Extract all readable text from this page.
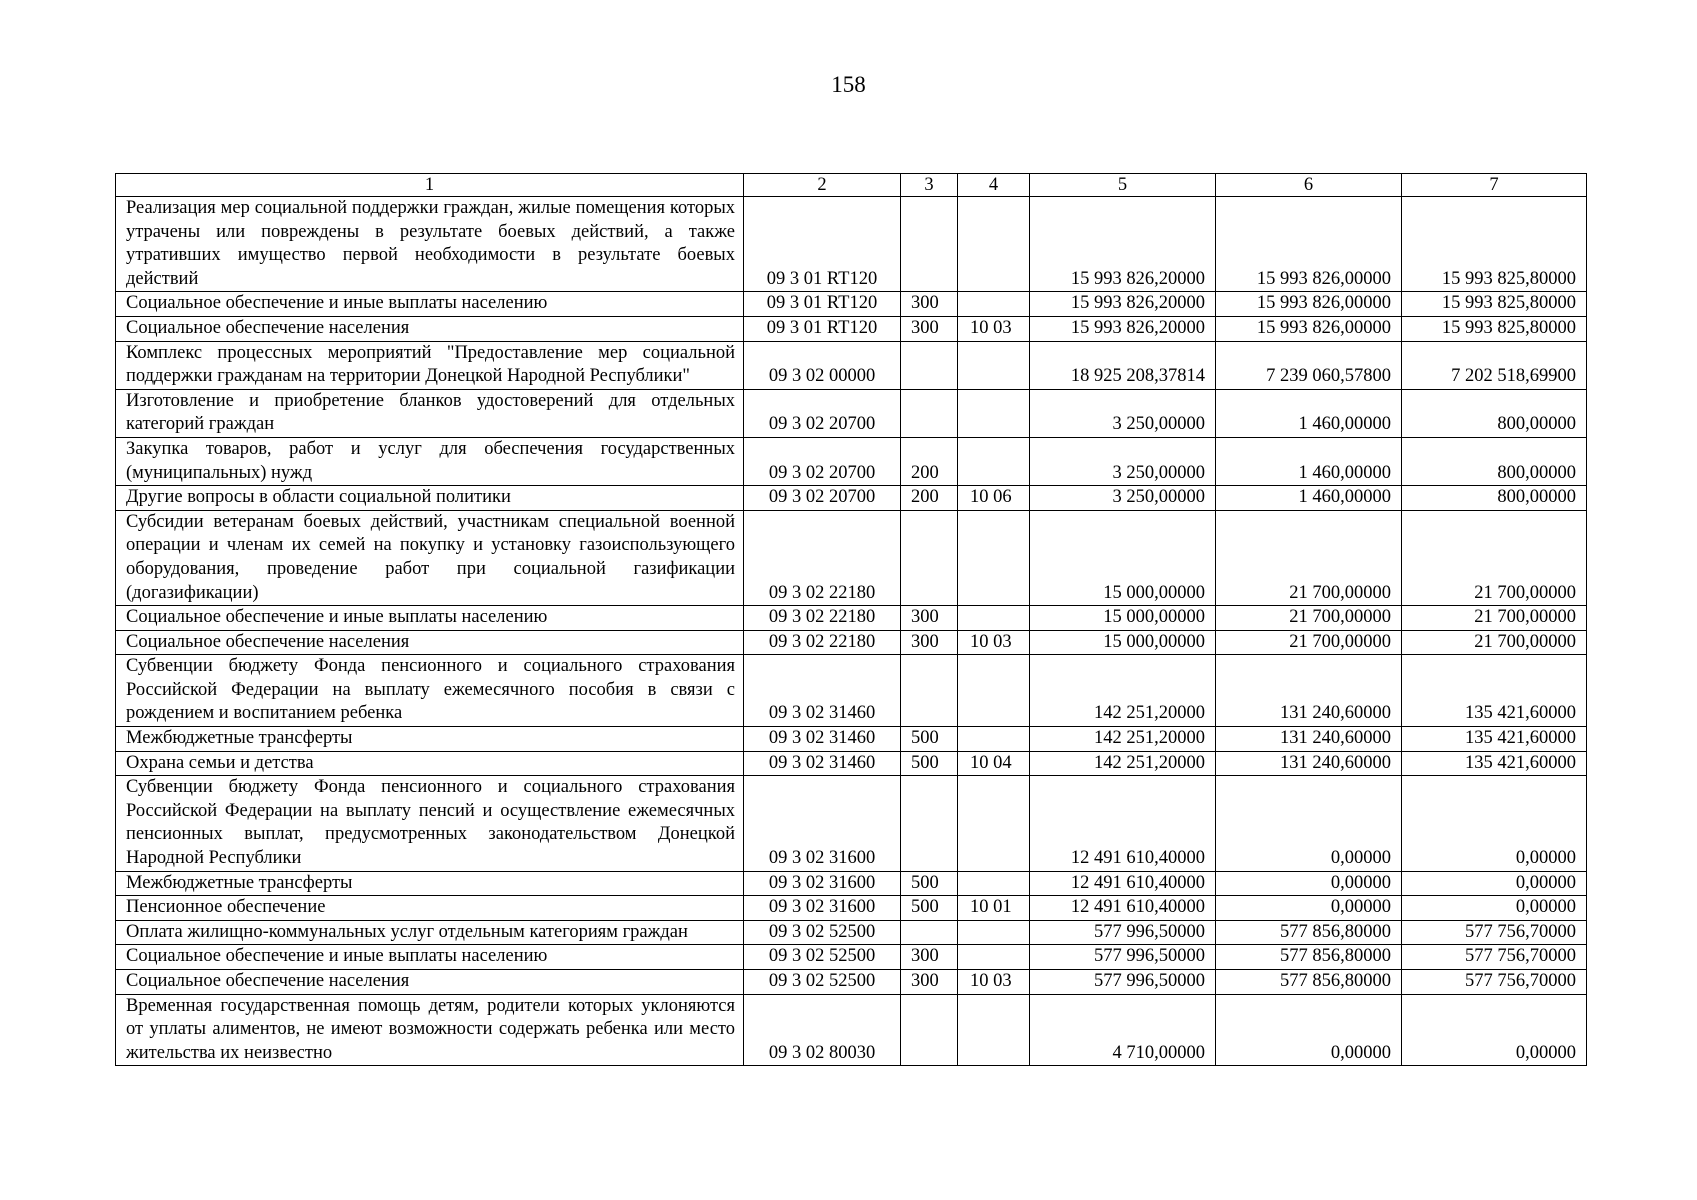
158
1	2	3	4	5	6	7
Реализация мер социальной поддержки граждан, жилые помещения которых утрачены или повреждены в результате боевых действий, а также утративших имущество первой необходимости в результате боевых действий	09 3 01 RT120			15 993 826,20000	15 993 826,00000	15 993 825,80000
Социальное обеспечение и иные выплаты населению	09 3 01 RT120	300		15 993 826,20000	15 993 826,00000	15 993 825,80000
Социальное обеспечение населения	09 3 01 RT120	300	10 03	15 993 826,20000	15 993 826,00000	15 993 825,80000
Комплекс процессных мероприятий "Предоставление мер социальной поддержки гражданам на территории Донецкой Народной Республики"	09 3 02 00000			18 925 208,37814	7 239 060,57800	7 202 518,69900
Изготовление и приобретение бланков удостоверений для отдельных категорий граждан	09 3 02 20700			3 250,00000	1 460,00000	800,00000
Закупка товаров, работ и услуг для обеспечения государственных (муниципальных) нужд	09 3 02 20700	200		3 250,00000	1 460,00000	800,00000
Другие вопросы в области социальной политики	09 3 02 20700	200	10 06	3 250,00000	1 460,00000	800,00000
Субсидии ветеранам боевых действий, участникам специальной военной операции и членам их семей на покупку и установку газоиспользующего оборудования, проведение работ при социальной газификации (догазификации)	09 3 02 22180			15 000,00000	21 700,00000	21 700,00000
Социальное обеспечение и иные выплаты населению	09 3 02 22180	300		15 000,00000	21 700,00000	21 700,00000
Социальное обеспечение населения	09 3 02 22180	300	10 03	15 000,00000	21 700,00000	21 700,00000
Субвенции бюджету Фонда пенсионного и социального страхования Российской Федерации на выплату ежемесячного пособия в связи с рождением и воспитанием ребенка	09 3 02 31460			142 251,20000	131 240,60000	135 421,60000
Межбюджетные трансферты	09 3 02 31460	500		142 251,20000	131 240,60000	135 421,60000
Охрана семьи и детства	09 3 02 31460	500	10 04	142 251,20000	131 240,60000	135 421,60000
Субвенции бюджету Фонда пенсионного и социального страхования Российской Федерации на выплату пенсий и осуществление ежемесячных пенсионных выплат, предусмотренных законодательством Донецкой Народной Республики	09 3 02 31600			12 491 610,40000	0,00000	0,00000
Межбюджетные трансферты	09 3 02 31600	500		12 491 610,40000	0,00000	0,00000
Пенсионное обеспечение	09 3 02 31600	500	10 01	12 491 610,40000	0,00000	0,00000
Оплата жилищно-коммунальных услуг отдельным категориям граждан	09 3 02 52500			577 996,50000	577 856,80000	577 756,70000
Социальное обеспечение и иные выплаты населению	09 3 02 52500	300		577 996,50000	577 856,80000	577 756,70000
Социальное обеспечение населения	09 3 02 52500	300	10 03	577 996,50000	577 856,80000	577 756,70000
Временная государственная помощь детям, родители которых уклоняются от уплаты алиментов, не имеют возможности содержать ребенка или место жительства их неизвестно	09 3 02 80030			4 710,00000	0,00000	0,00000
